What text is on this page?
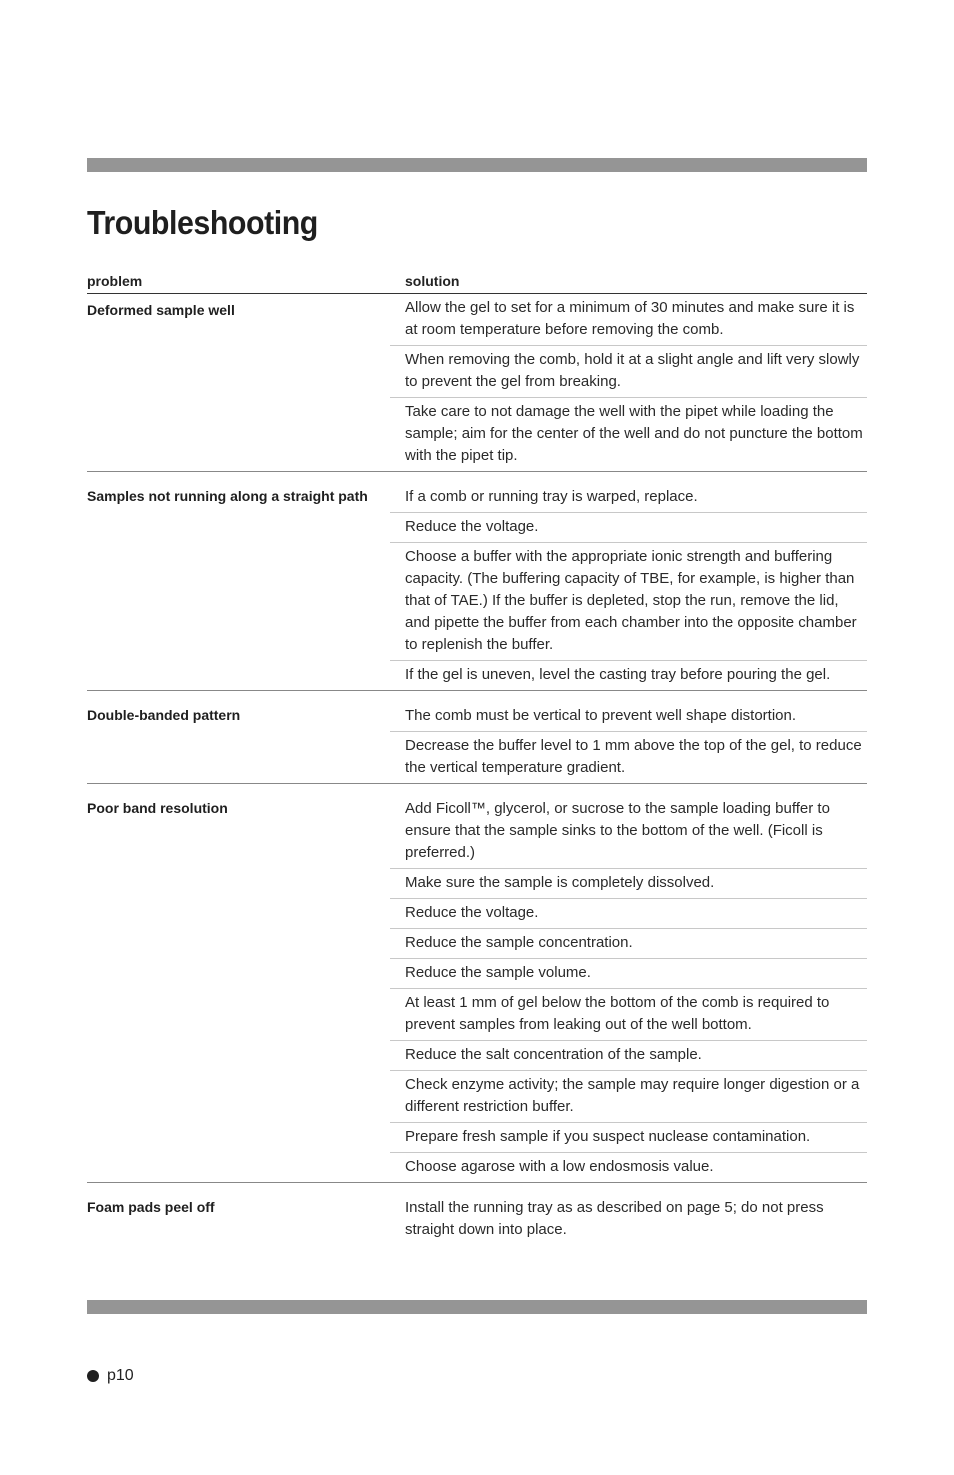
Troubleshooting
problem	solution
Deformed sample well	Allow the gel to set for a minimum of 30 minutes and make sure it is at room temperature before removing the comb.
When removing the comb, hold it at a slight angle and lift very slowly to prevent the gel from breaking.
Take care to not damage the well with the pipet while loading the sample; aim for the center of the well and do not puncture the bottom with the pipet tip.
Samples not running along a straight path	If a comb or running tray is warped, replace.
Reduce the voltage.
Choose a buffer with the appropriate ionic strength and buffering capacity. (The buffering capacity of TBE, for example, is higher than that of TAE.) If the buffer is depleted, stop the run, remove the lid, and pipette the buffer from each chamber into the opposite chamber to replenish the buffer.
If the gel is uneven, level the casting tray before pouring the gel.
Double-banded pattern	The comb must be vertical to prevent well shape distortion.
Decrease the buffer level to 1 mm above the top of the gel, to reduce the vertical temperature gradient.
Poor band resolution	Add Ficoll™, glycerol, or sucrose to the sample loading buffer to ensure that the sample sinks to the bottom of the well. (Ficoll is preferred.)
Make sure the sample is completely dissolved.
Reduce the voltage.
Reduce the sample concentration.
Reduce the sample volume.
At least 1 mm of gel below the bottom of the comb is required to prevent samples from leaking out of the well bottom.
Reduce the salt concentration of the sample.
Check enzyme activity; the sample may require longer digestion or a different restriction buffer.
Prepare fresh sample if you suspect nuclease contamination.
Choose agarose with a low endosmosis value.
Foam pads peel off	Install the running tray as as described on page 5; do not press straight down into place.
p10
